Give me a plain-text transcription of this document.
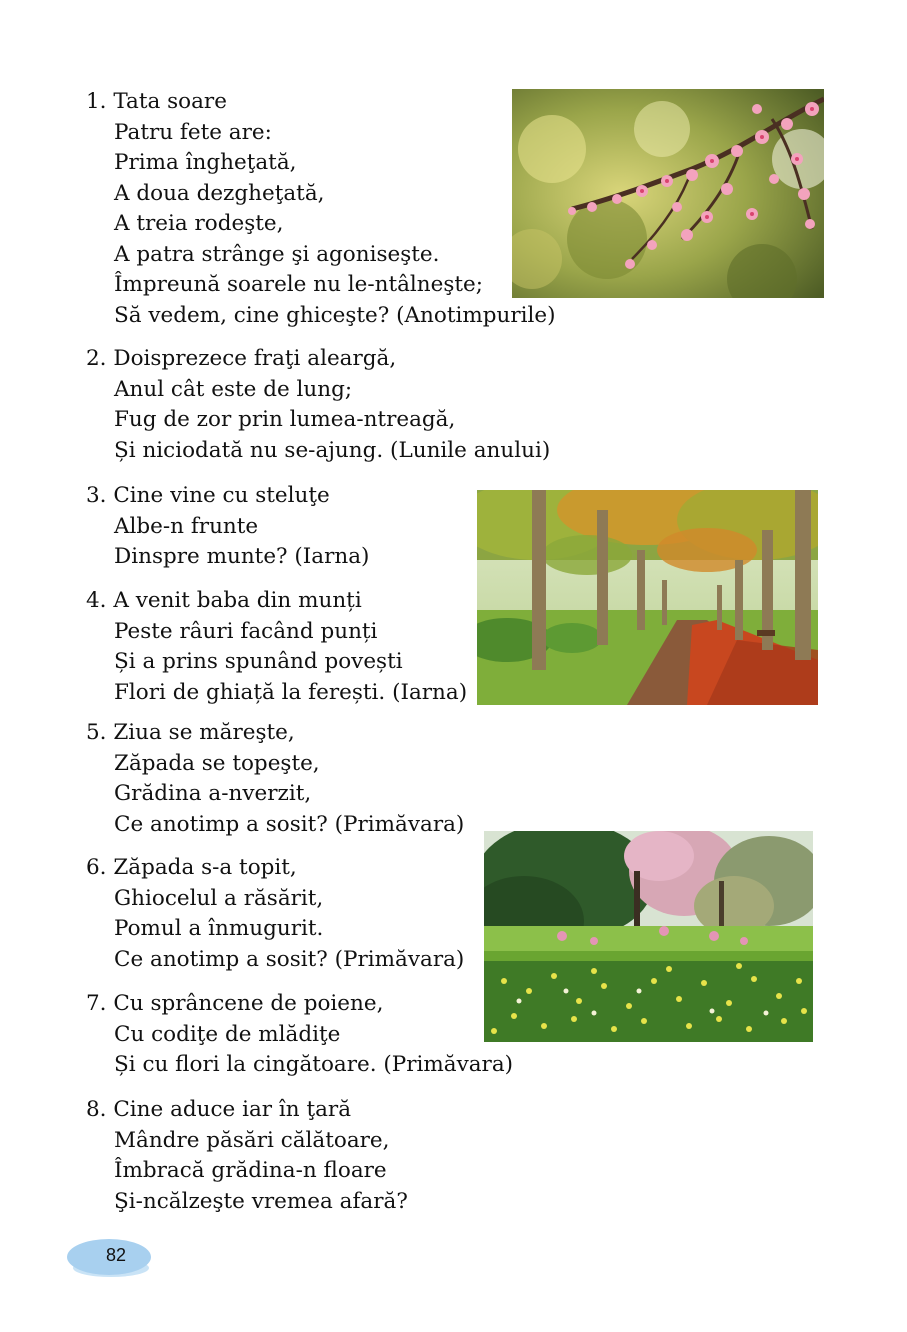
1. Tata soare
Patru fete are:
Prima îngheţată,
A doua dezgheţată,
A treia rodeşte,
A patra strânge şi agoniseşte.
Împreună soarele nu le-ntâlneşte;
Să vedem, cine ghiceşte? (Anotimpurile)
2. Doisprezece fraţi aleargă,
Anul cât este de lung;
Fug de zor prin lumea-ntreagă,
Și niciodată nu se-ajung. (Lunile anului)
3. Cine vine cu steluţe
Albe-n frunte
Dinspre munte? (Iarna)
4. A venit baba din munți
Peste râuri facând punți
Și a prins spunând povești
Flori de ghiață la ferești. (Iarna)
5. Ziua se măreşte,
Zăpada se topeşte,
Grădina a-nverzit,
Ce anotimp a sosit? (Primăvara)
6. Zăpada s-a topit,
Ghiocelul a răsărit,
Pomul a înmugurit.
Ce anotimp a sosit? (Primăvara)
7. Cu sprâncene de poiene,
Cu codiţe de mlădiţe
Și cu flori la cingătoare. (Primăvara)
8. Cine aduce iar în ţară
Mândre păsări călătoare,
Îmbracă grădina-n floare
Şi-ncălzeşte vremea afară?
82
